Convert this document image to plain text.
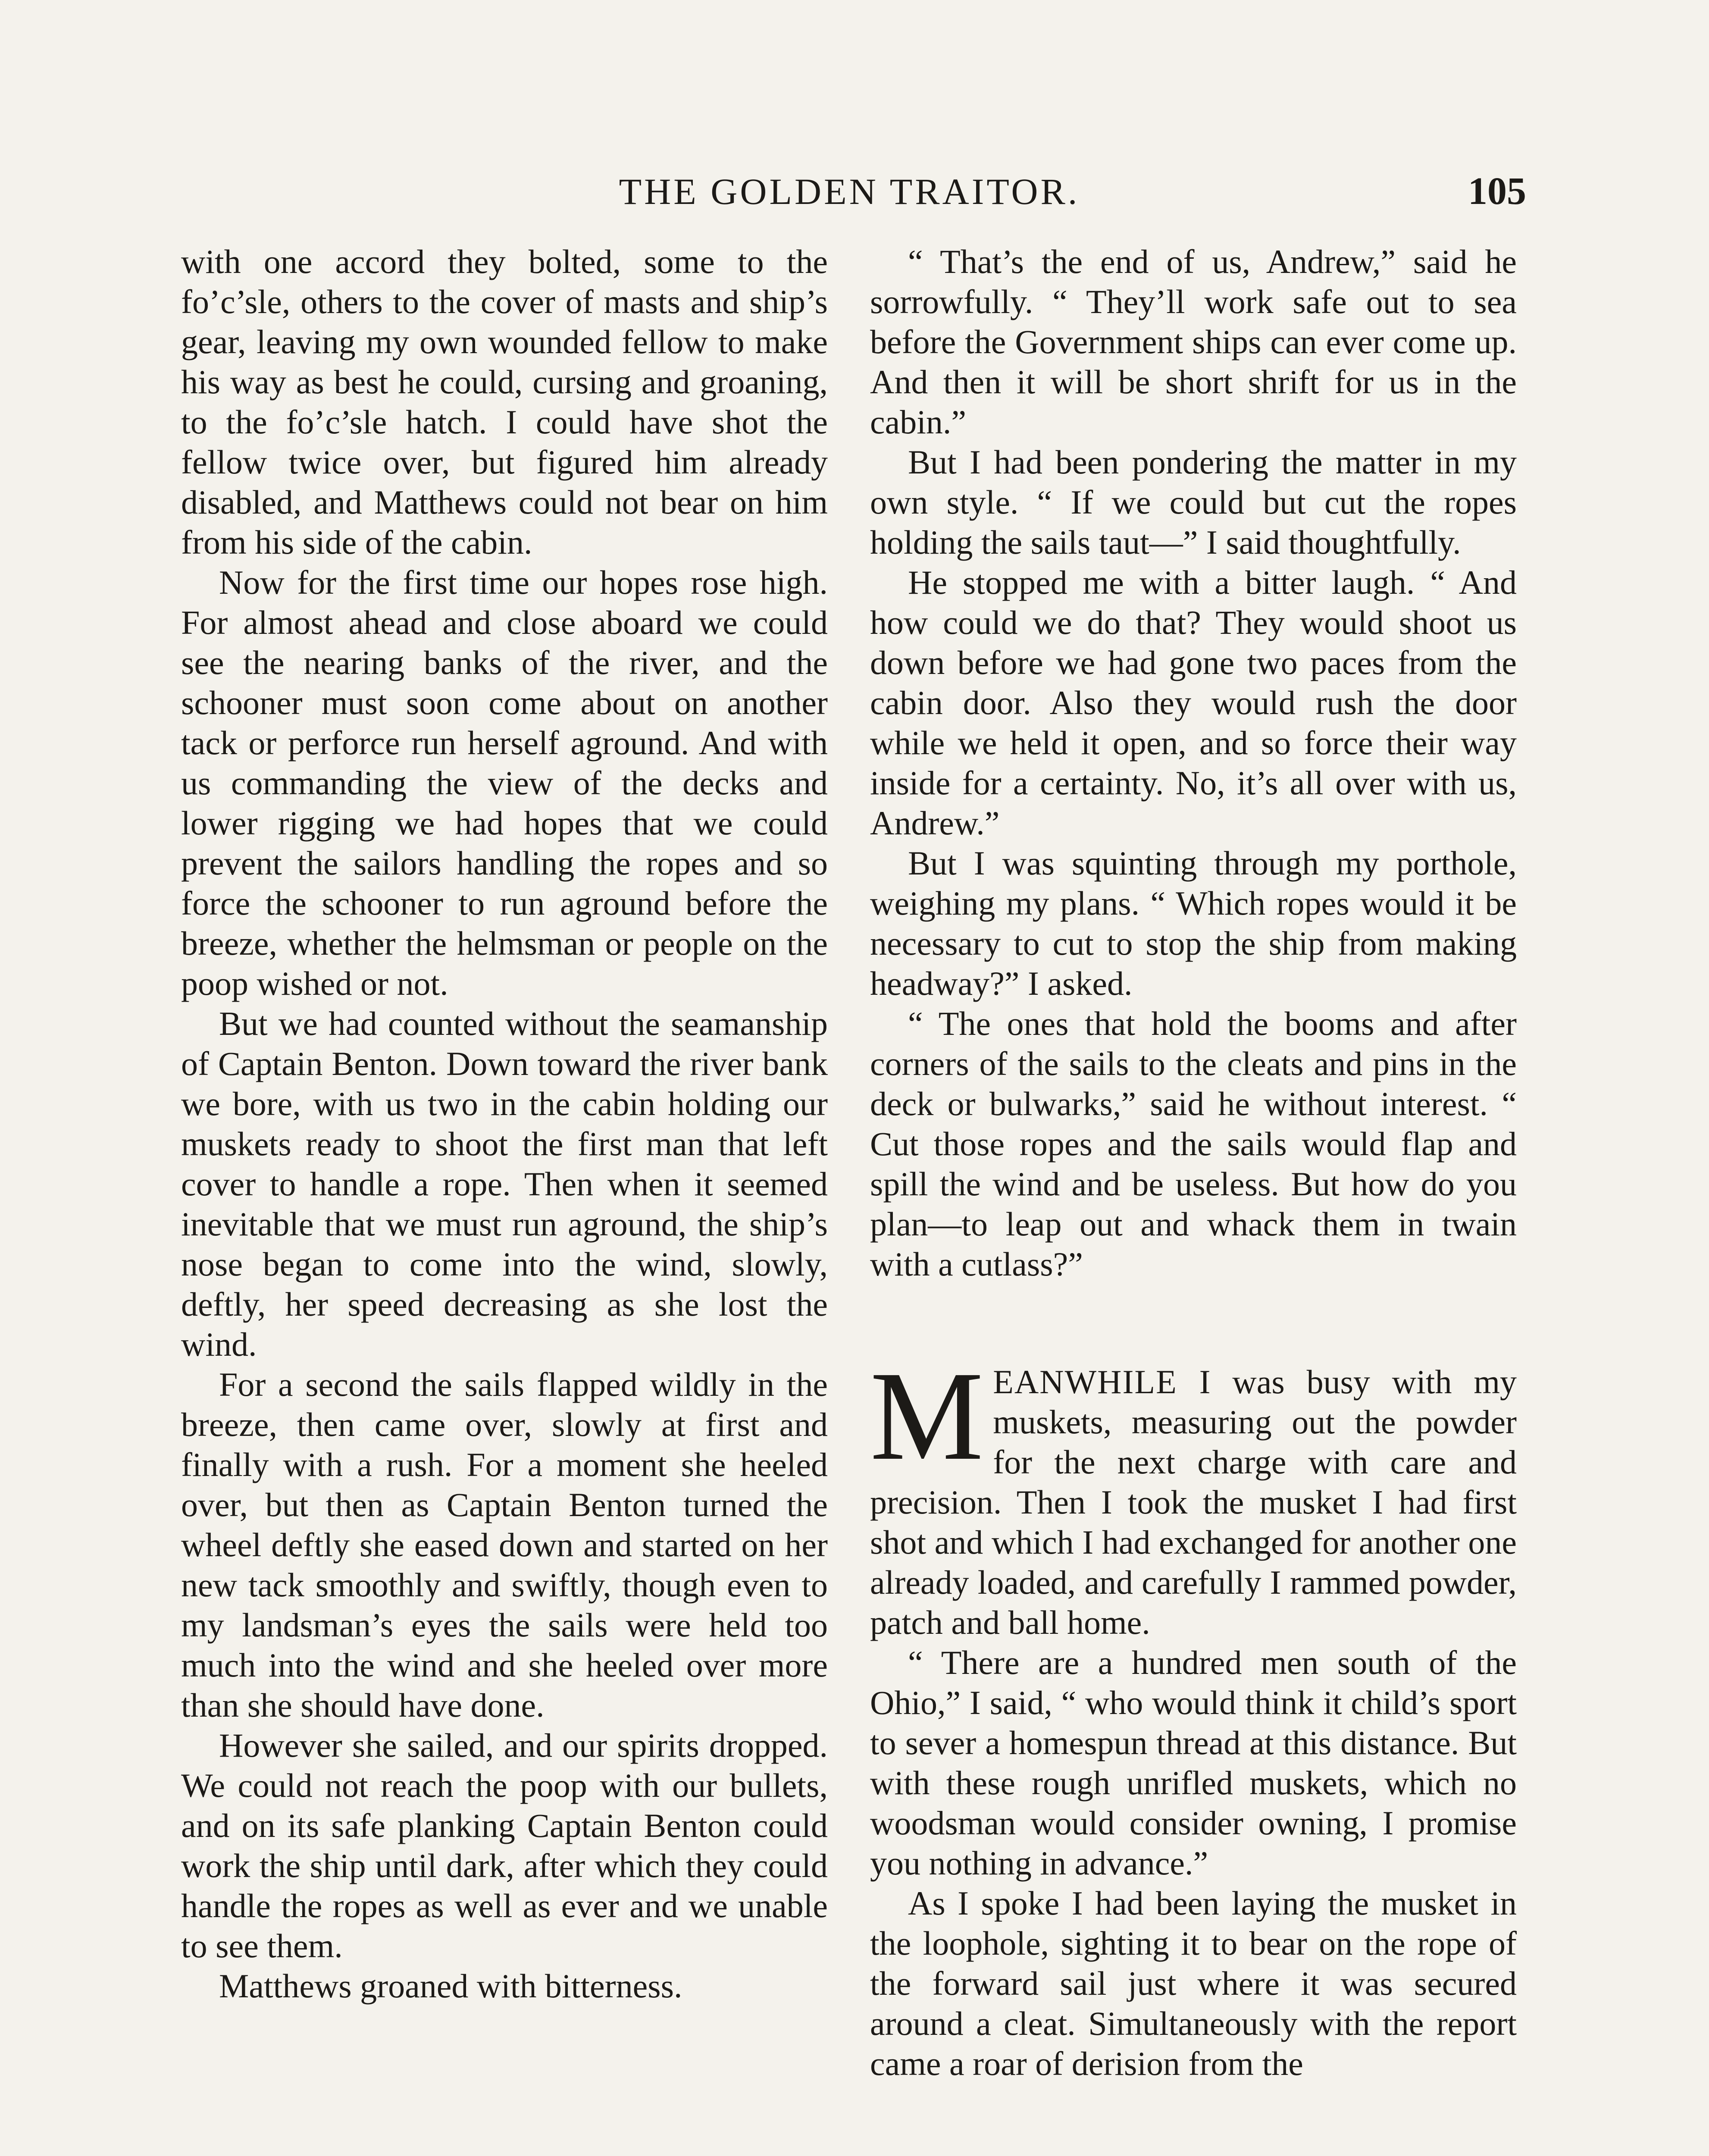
THE GOLDEN TRAITOR.	105

with one accord they bolted, some to the fo’c’sle, others to the cover of masts and ship’s gear, leaving my own wounded fellow to make his way as best he could, cursing and groaning, to the fo’c’sle hatch. I could have shot the fellow twice over, but figured him already disabled, and Matthews could not bear on him from his side of the cabin.

Now for the first time our hopes rose high. For almost ahead and close aboard we could see the nearing banks of the river, and the schooner must soon come about on another tack or perforce run herself aground. And with us commanding the view of the decks and lower rigging we had hopes that we could prevent the sailors handling the ropes and so force the schooner to run aground before the breeze, whether the helmsman or people on the poop wished or not.

But we had counted without the seamanship of Captain Benton. Down toward the river bank we bore, with us two in the cabin holding our muskets ready to shoot the first man that left cover to handle a rope. Then when it seemed inevitable that we must run aground, the ship’s nose began to come into the wind, slowly, deftly, her speed decreasing as she lost the wind.

For a second the sails flapped wildly in the breeze, then came over, slowly at first and finally with a rush. For a moment she heeled over, but then as Captain Benton turned the wheel deftly she eased down and started on her new tack smoothly and swiftly, though even to my landsman’s eyes the sails were held too much into the wind and she heeled over more than she should have done.

However she sailed, and our spirits dropped. We could not reach the poop with our bullets, and on its safe planking Captain Benton could work the ship until dark, after which they could handle the ropes as well as ever and we unable to see them.

Matthews groaned with bitterness.

“ That’s the end of us, Andrew,” said he sorrowfully. “ They’ll work safe out to sea before the Government ships can ever come up. And then it will be short shrift for us in the cabin.”

But I had been pondering the matter in my own style. “ If we could but cut the ropes holding the sails taut—” I said thoughtfully.

He stopped me with a bitter laugh. “ And how could we do that? They would shoot us down before we had gone two paces from the cabin door. Also they would rush the door while we held it open, and so force their way inside for a certainty. No, it’s all over with us, Andrew.”

But I was squinting through my porthole, weighing my plans. “ Which ropes would it be necessary to cut to stop the ship from making headway?” I asked.

“ The ones that hold the booms and after corners of the sails to the cleats and pins in the deck or bulwarks,” said he without interest. “ Cut those ropes and the sails would flap and spill the wind and be useless. But how do you plan—to leap out and whack them in twain with a cutlass?”

MEANWHILE I was busy with my muskets, measuring out the powder for the next charge with care and precision. Then I took the musket I had first shot and which I had exchanged for another one already loaded, and carefully I rammed powder, patch and ball home.

“ There are a hundred men south of the Ohio,” I said, “ who would think it child’s sport to sever a homespun thread at this distance. But with these rough unrifled muskets, which no woodsman would consider owning, I promise you nothing in advance.”

As I spoke I had been laying the musket in the loophole, sighting it to bear on the rope of the forward sail just where it was secured around a cleat. Simultaneously with the report came a roar of derision from the
